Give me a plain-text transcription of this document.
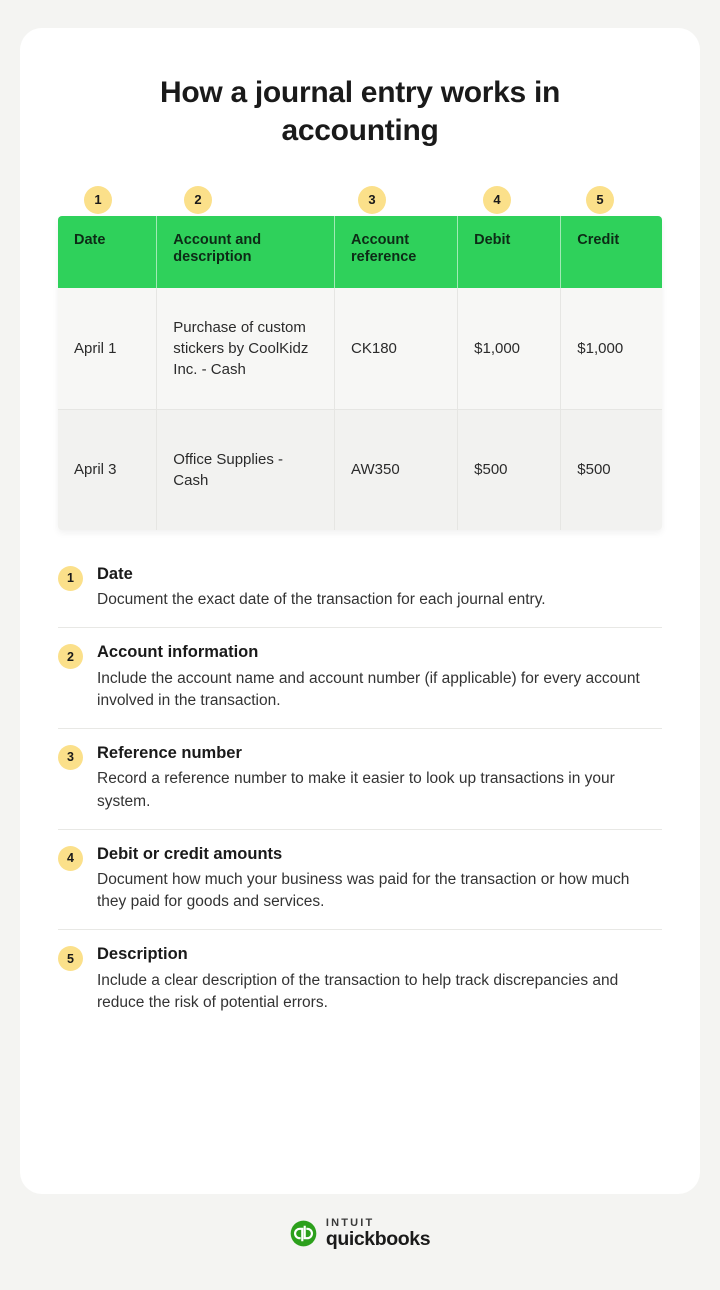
How a journal entry works in accounting
1	2	3	4	5
Date	Account and description	Account reference	Debit	Credit
April 1	Purchase of custom stickers by CoolKidz Inc. - Cash	CK180	$1,000	$1,000
April 3	Office Supplies - Cash	AW350	$500	$500
1	Date

Document the exact date of the transaction for each journal entry.

2	Account information

Include the account name and account number (if applicable) for every account involved in the transaction.

3	Reference number

Record a reference number to make it easier to look up transactions in your system.

4	Debit or credit amounts

Document how much your business was paid for the transaction or how much they paid for goods and services.

5	Description

Include a clear description of the transaction to help track discrepancies and reduce the risk of potential errors.

INTUIT
quickbooks
